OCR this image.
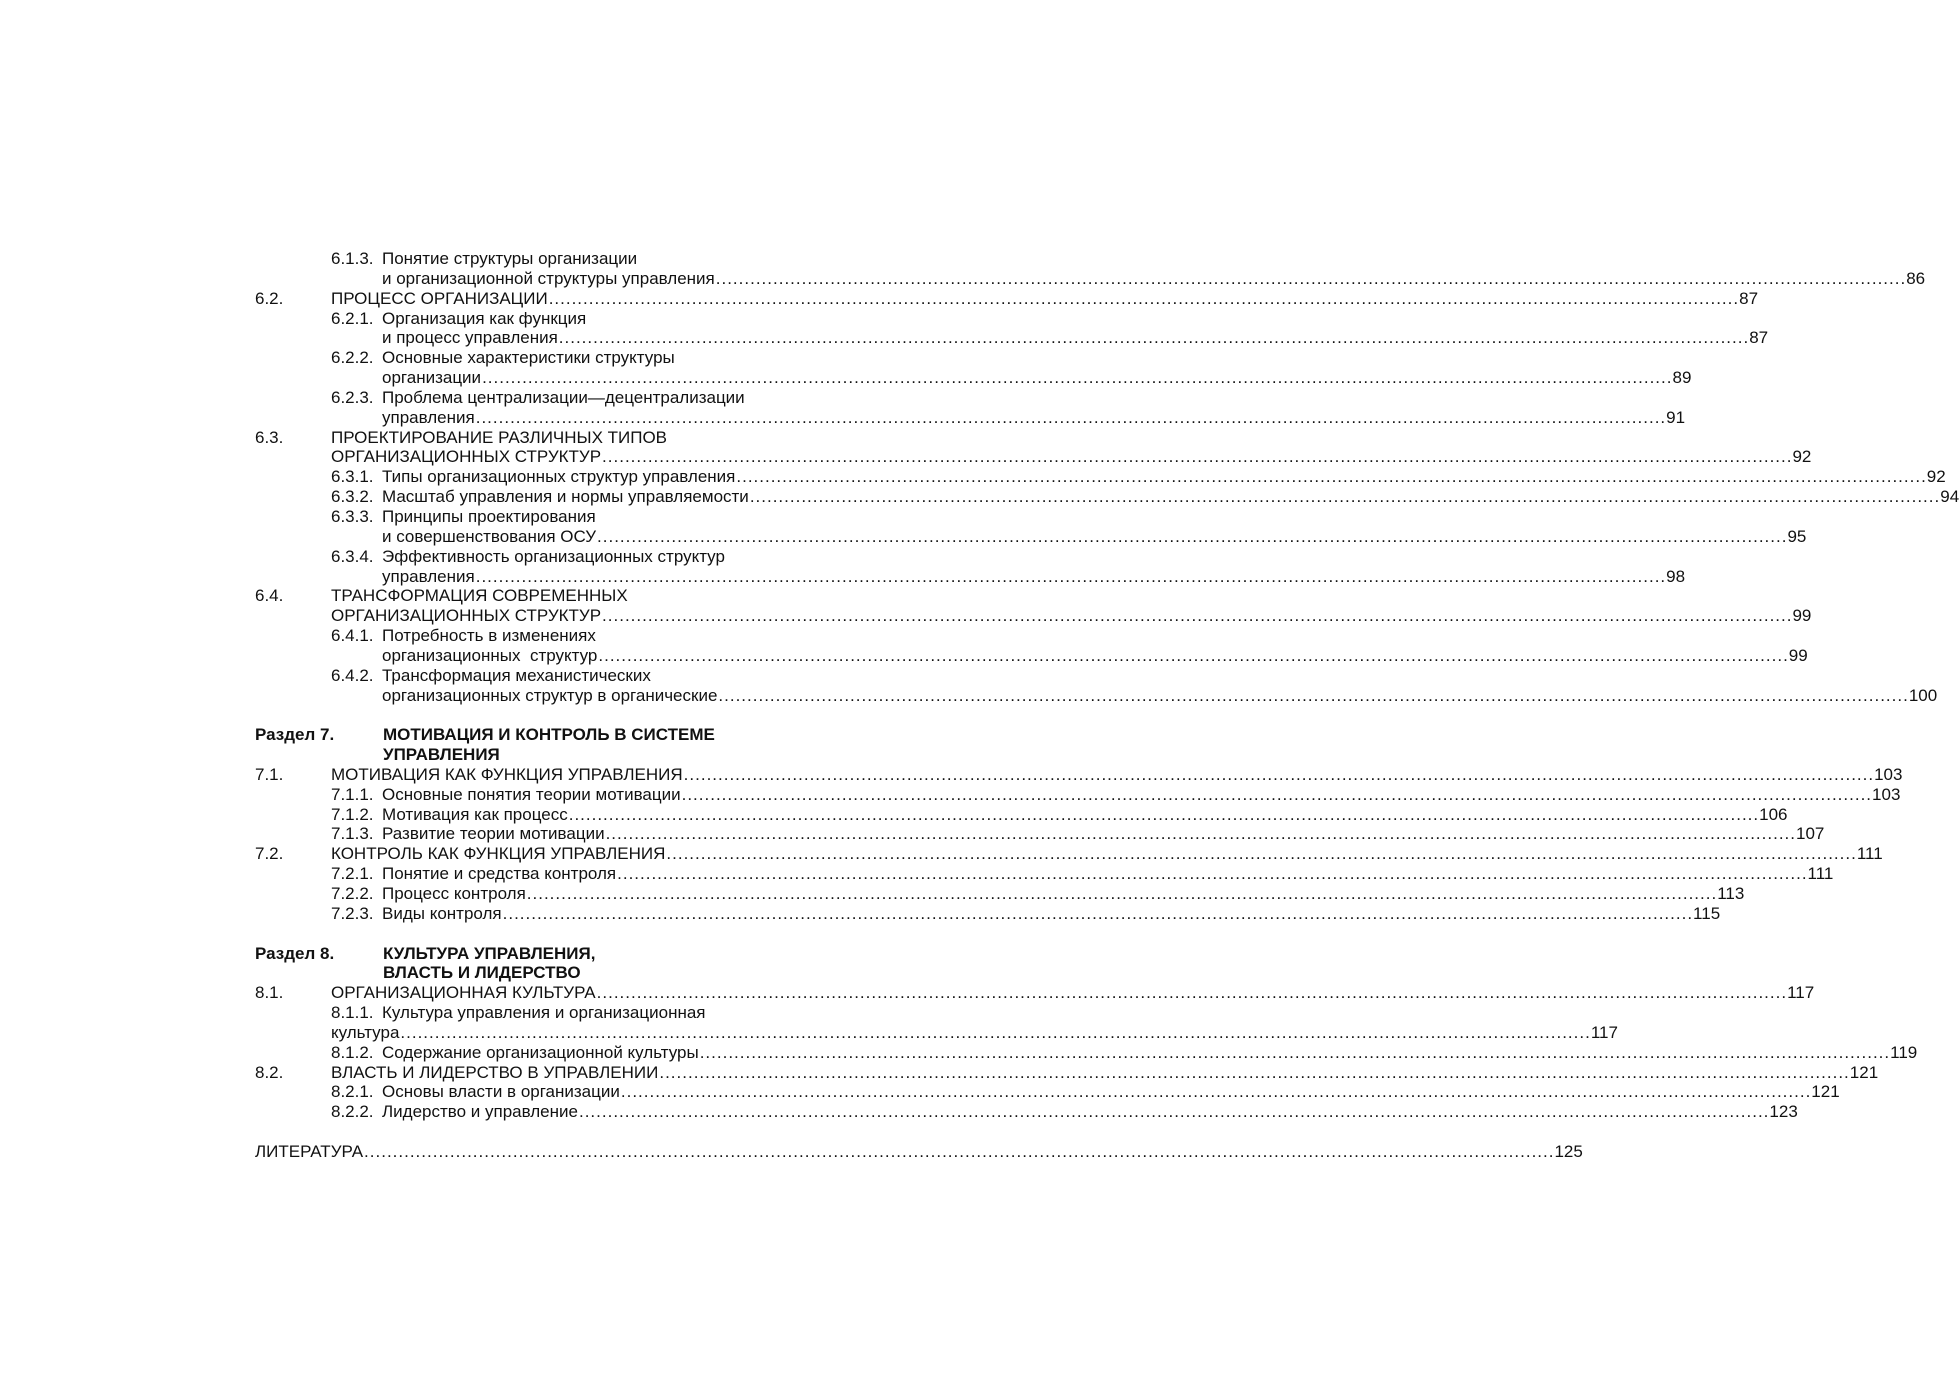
6.1.3. Понятие структуры организации
и организационной структуры управления .....	86
6.2.	ПРОЦЕСС ОРГАНИЗАЦИИ .....	87
6.2.1. Организация как функция
и процесс управления .....	87
6.2.2. Основные характеристики структуры
организации .....	89
6.2.3. Проблема централизации—децентрализации
управления .....	91
6.3.	ПРОЕКТИРОВАНИЕ РАЗЛИЧНЫХ ТИПОВ
ОРГАНИЗАЦИОННЫХ СТРУКТУР .....	92
6.3.1. Типы организационных структур управления .....	92
6.3.2. Масштаб управления и нормы управляемости .....	94
6.3.3. Принципы проектирования
и совершенствования ОСУ .....	95
6.3.4. Эффективность организационных структур
управления .....	98
6.4.	ТРАНСФОРМАЦИЯ СОВРЕМЕННЫХ
ОРГАНИЗАЦИОННЫХ СТРУКТУР .....	99
6.4.1. Потребность в изменениях
организационных  структур .....	99
6.4.2. Трансформация механистических
организационных структур в органические .....	100
Раздел 7.	МОТИВАЦИЯ И КОНТРОЛЬ В СИСТЕМЕ
УПРАВЛЕНИЯ
7.1.	МОТИВАЦИЯ КАК ФУНКЦИЯ УПРАВЛЕНИЯ .....	103
7.1.1. Основные понятия теории мотивации .....	103
7.1.2. Мотивация как процесс .....	106
7.1.3. Развитие теории мотивации .....	107
7.2.	КОНТРОЛЬ КАК ФУНКЦИЯ УПРАВЛЕНИЯ .....	111
7.2.1. Понятие и средства контроля .....	111
7.2.2. Процесс контроля .....	113
7.2.3. Виды контроля .....	115
Раздел 8.	КУЛЬТУРА УПРАВЛЕНИЯ,
ВЛАСТЬ И ЛИДЕРСТВО
8.1.	ОРГАНИЗАЦИОННАЯ КУЛЬТУРА .....	117
8.1.1. Культура управления и организационная
культура .....	117
8.1.2. Содержание организационной культуры .....	119
8.2.	ВЛАСТЬ И ЛИДЕРСТВО В УПРАВЛЕНИИ .....	121
8.2.1. Основы власти в организации .....	121
8.2.2. Лидерство и управление .....	123
ЛИТЕРАТУРА .....	125
